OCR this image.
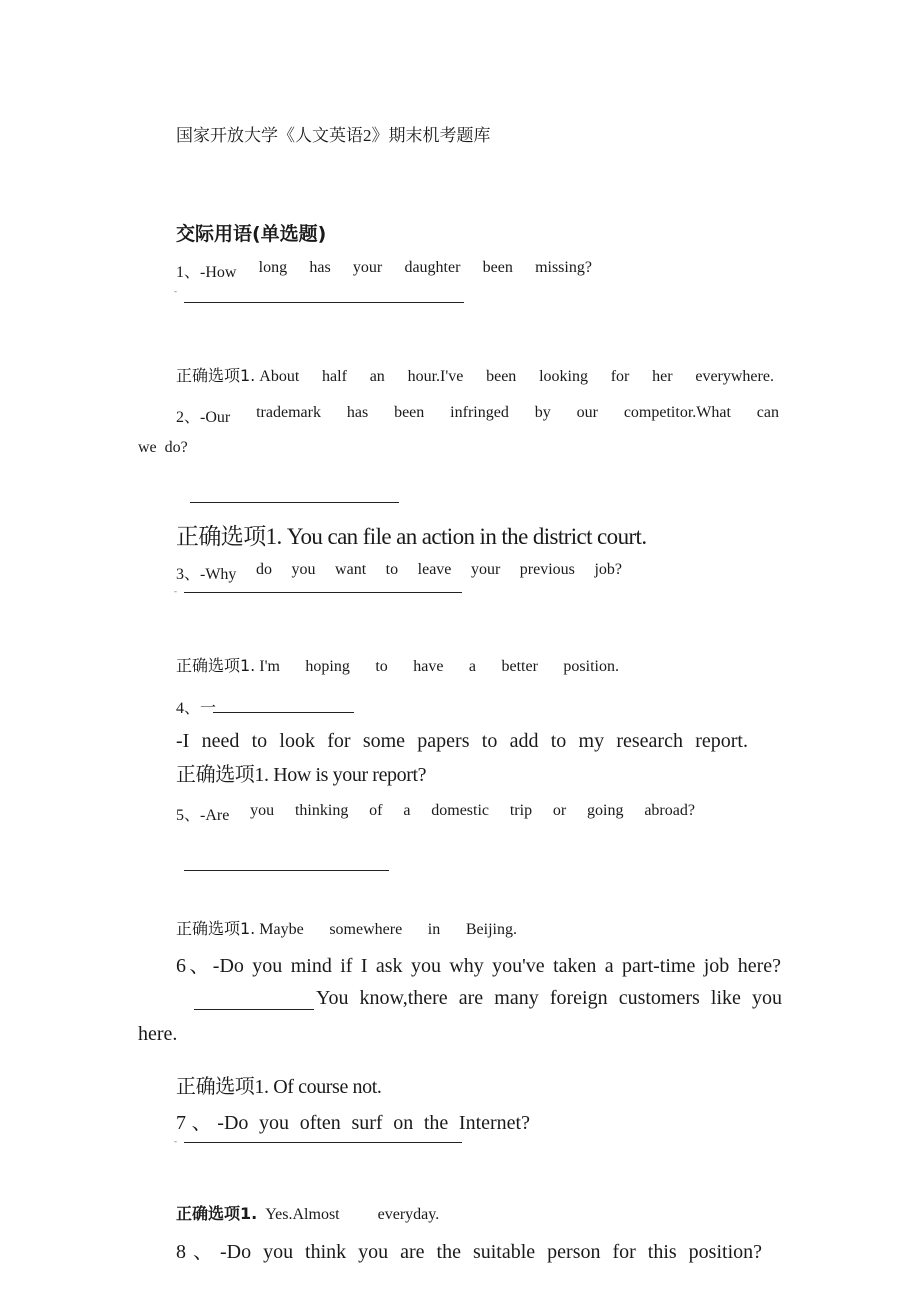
国家开放大学《人文英语2》期末机考题库
交际用语(单选题)
1、-How long has your daughter been missing?
-
正确选项1. About half an hour.I've been looking for her everywhere.
2、-Our trademark has been infringed by our competitor.What can
we  do?
正确选项1. You can file an action in the district court.
3、-Why do you want to leave your previous job?
-
正确选项1. I'm hoping to have a better position.
4、一
-I need to look for some papers to add to my research report.
正确选项1. How is your report?
5、-Are you thinking of a domestic trip or going abroad?
正确选项1. Maybe somewhere in Beijing.
6、-Do you mind if I ask you why you've taken a part-time job here?
You know,there are many foreign customers like you
here.
正确选项1. Of course not.
7、-Do you often surf on the Internet?
-
正确选项1. Yes.Almost everyday.
8、-Do you think you are the suitable person for this position?
